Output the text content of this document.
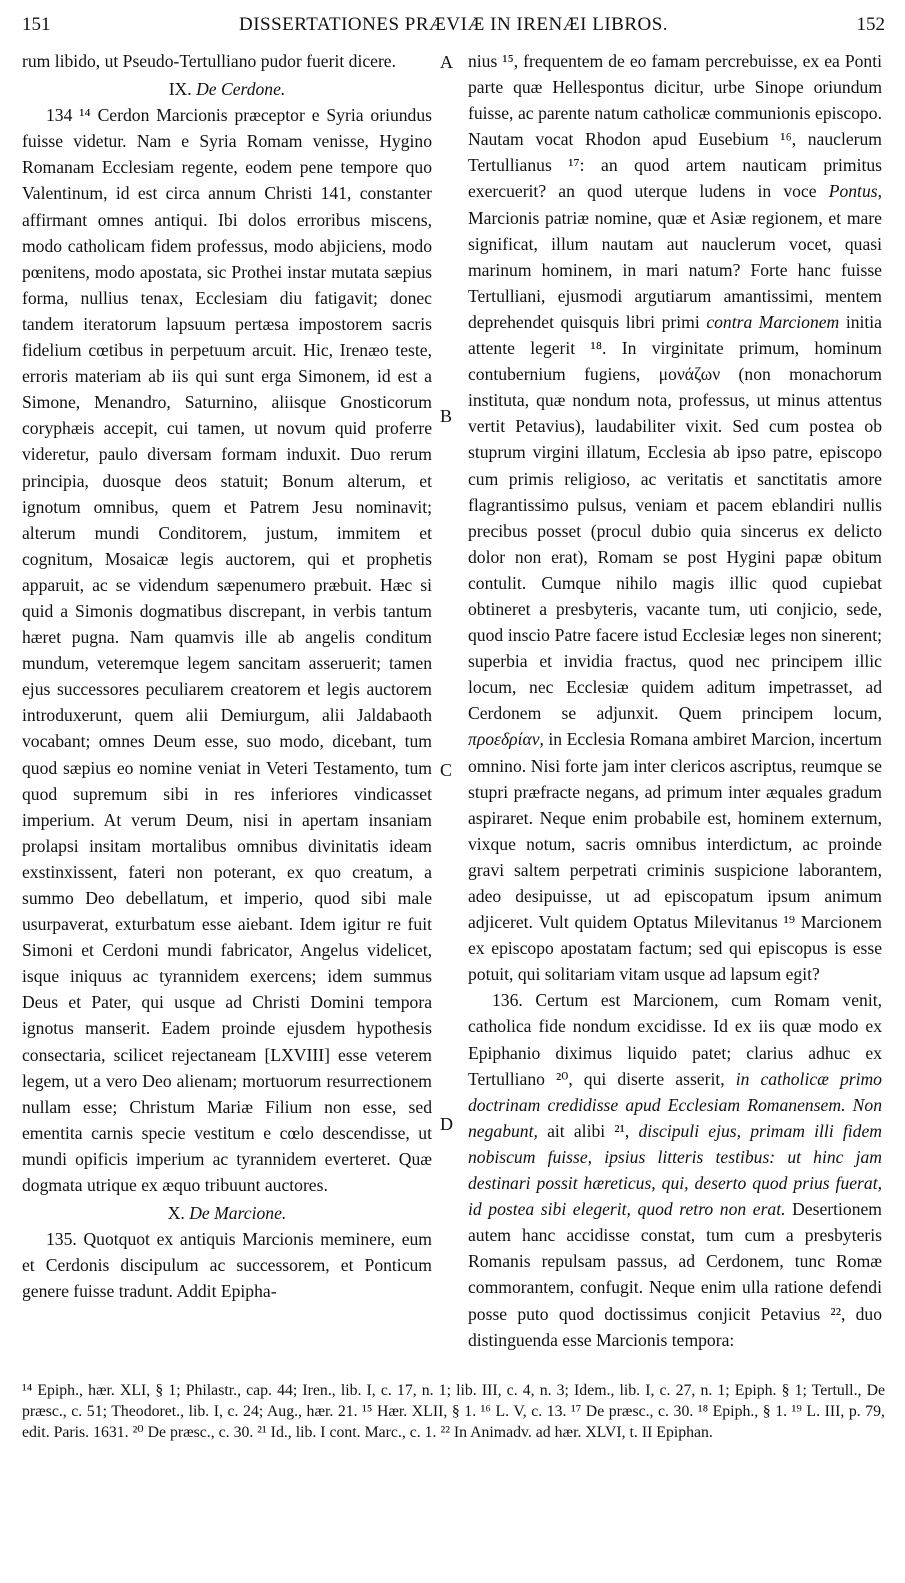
151	DISSERTATIONES PRÆVIÆ IN IRENÆI LIBROS.	152
A
B
C
D

rum libido, ut Pseudo-Tertulliano pudor fuerit dicere.

IX. De Cerdone.

134 ¹⁴ Cerdon Marcionis præceptor e Syria oriundus fuisse videtur. Nam e Syria Romam venisse, Hygino Romanam Ecclesiam regente, eodem pene tempore quo Valentinum, id est circa annum Christi 141, constanter affirmant omnes antiqui. Ibi dolos erroribus miscens, modo catholicam fidem professus, modo abjiciens, modo pœnitens, modo apostata, sic Prothei instar mutata sæpius forma, nullius tenax, Ecclesiam diu fatigavit; donec tandem iteratorum lapsuum pertæsa impostorem sacris fidelium cœtibus in perpetuum arcuit. Hic, Irenæo teste, erroris materiam ab iis qui sunt erga Simonem, id est a Simone, Menandro, Saturnino, aliisque Gnosticorum coryphæis accepit, cui tamen, ut novum quid proferre videretur, paulo diversam formam induxit. Duo rerum principia, duosque deos statuit; Bonum alterum, et ignotum omnibus, quem et Patrem Jesu nominavit; alterum mundi Conditorem, justum, immitem et cognitum, Mosaicæ legis auctorem, qui et prophetis apparuit, ac se videndum sæpenumero præbuit. Hæc si quid a Simonis dogmatibus discrepant, in verbis tantum hæret pugna. Nam quamvis ille ab angelis conditum mundum, veteremque legem sancitam asseruerit; tamen ejus successores peculiarem creatorem et legis auctorem introduxerunt, quem alii Demiurgum, alii Jaldabaoth vocabant; omnes Deum esse, suo modo, dicebant, tum quod sæpius eo nomine veniat in Veteri Testamento, tum quod supremum sibi in res inferiores vindicasset imperium. At verum Deum, nisi in apertam insaniam prolapsi insitam mortalibus omnibus divinitatis ideam exstinxissent, fateri non poterant, ex quo creatum, a summo Deo debellatum, et imperio, quod sibi male usurpaverat, exturbatum esse aiebant. Idem igitur re fuit Simoni et Cerdoni mundi fabricator, Angelus videlicet, isque iniquus ac tyrannidem exercens; idem summus Deus et Pater, qui usque ad Christi Domini tempora ignotus manserit. Eadem proinde ejusdem hypothesis consectaria, scilicet rejectaneam [LXVIII] esse veterem legem, ut a vero Deo alienam; mortuorum resurrectionem nullam esse; Christum Mariæ Filium non esse, sed ementita carnis specie vestitum e cœlo descendisse, ut mundi opificis imperium ac tyrannidem everteret. Quæ dogmata utrique ex æquo tribuunt auctores.

X. De Marcione.

135. Quotquot ex antiquis Marcionis meminere, eum et Cerdonis discipulum ac successorem, et Ponticum genere fuisse tradunt. Addit Epipha-

nius ¹⁵, frequentem de eo famam percrebuisse, ex ea Ponti parte quæ Hellespontus dicitur, urbe Sinope oriundum fuisse, ac parente natum catholicæ communionis episcopo. Nautam vocat Rhodon apud Eusebium ¹⁶, nauclerum Tertullianus ¹⁷: an quod artem nauticam primitus exercuerit? an quod uterque ludens in voce Pontus, Marcionis patriæ nomine, quæ et Asiæ regionem, et mare significat, illum nautam aut nauclerum vocet, quasi marinum hominem, in mari natum? Forte hanc fuisse Tertulliani, ejusmodi argutiarum amantissimi, mentem deprehendet quisquis libri primi contra Marcionem initia attente legerit ¹⁸. In virginitate primum, hominum contubernium fugiens, μονάζων (non monachorum instituta, quæ nondum nota, professus, ut minus attentus vertit Petavius), laudabiliter vixit. Sed cum postea ob stuprum virgini illatum, Ecclesia ab ipso patre, episcopo cum primis religioso, ac veritatis et sanctitatis amore flagrantissimo pulsus, veniam et pacem eblandiri nullis precibus posset (procul dubio quia sincerus ex delicto dolor non erat), Romam se post Hygini papæ obitum contulit. Cumque nihilo magis illic quod cupiebat obtineret a presbyteris, vacante tum, uti conjicio, sede, quod inscio Patre facere istud Ecclesiæ leges non sinerent; superbia et invidia fractus, quod nec principem illic locum, nec Ecclesiæ quidem aditum impetrasset, ad Cerdonem se adjunxit. Quem principem locum, προεδρίαν, in Ecclesia Romana ambiret Marcion, incertum omnino. Nisi forte jam inter clericos ascriptus, reumque se stupri præfracte negans, ad primum inter æquales gradum aspiraret. Neque enim probabile est, hominem externum, vixque notum, sacris omnibus interdictum, ac proinde gravi saltem perpetrati criminis suspicione laborantem, adeo desipuisse, ut ad episcopatum ipsum animum adjiceret. Vult quidem Optatus Milevitanus ¹⁹ Marcionem ex episcopo apostatam factum; sed qui episcopus is esse potuit, qui solitariam vitam usque ad lapsum egit?

136. Certum est Marcionem, cum Romam venit, catholica fide nondum excidisse. Id ex iis quæ modo ex Epiphanio diximus liquido patet; clarius adhuc ex Tertulliano ²⁰, qui diserte asserit, in catholicæ primo doctrinam credidisse apud Ecclesiam Romanensem. Non negabunt, ait alibi ²¹, discipuli ejus, primam illi fidem nobiscum fuisse, ipsius litteris testibus: ut hinc jam destinari possit hæreticus, qui, deserto quod prius fuerat, id postea sibi elegerit, quod retro non erat. Desertionem autem hanc accidisse constat, tum cum a presbyteris Romanis repulsam passus, ad Cerdonem, tunc Romæ commorantem, confugit. Neque enim ulla ratione defendi posse puto quod doctissimus conjicit Petavius ²², duo distinguenda esse Marcionis tempora:

¹⁴ Epiph., hær. XLI, § 1; Philastr., cap. 44; Iren., lib. I, c. 17, n. 1; lib. III, c. 4, n. 3; Idem., lib. I, c. 27, n. 1; Epiph. § 1; Tertull., De præsc., c. 51; Theodoret., lib. I, c. 24; Aug., hær. 21. ¹⁵ Hær. XLII, § 1. ¹⁶ L. V, c. 13. ¹⁷ De præsc., c. 30. ¹⁸ Epiph., § 1. ¹⁹ L. III, p. 79, edit. Paris. 1631. ²⁰ De præsc., c. 30. ²¹ Id., lib. I cont. Marc., c. 1. ²² In Animadv. ad hær. XLVI, t. II Epiphan.
